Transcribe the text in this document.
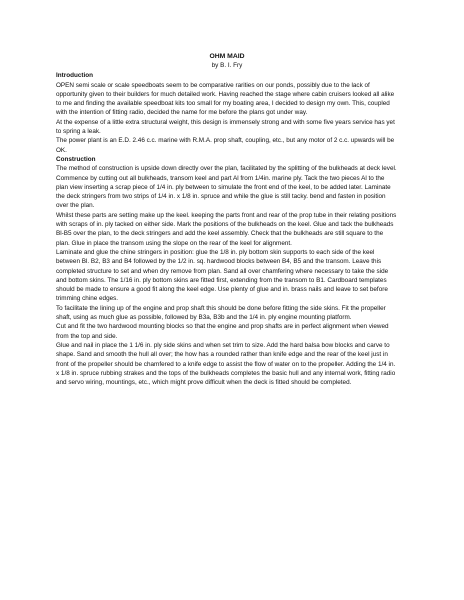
OHM MAID
by B. I. Fry
Introduction

OPEN semi scale or scale speedboats seem to be comparative rarities on our ponds, possibly due to the lack of opportunity given to their builders for much detailed work. Having reached the stage where cabin cruisers looked all alike to me and finding the available speedboat kits too small for my boating area, I decided to design my own. This, coupled with the intention of fitting radio, decided the name for me before the plans got under way.

At the expense of a little extra structural weight, this design is immensely strong and with some five years service has yet to spring a leak.

The power plant is an E.D. 2.46 c.c. marine with R.M.A. prop shaft, coupling, etc., but any motor of 2 c.c. upwards will be OK.

Construction

The method of construction is upside down directly over the plan, facilitated by the splitting of the bulkheads at deck level.

Commence by cutting out all bulkheads, transom keel and part Al from 1/4in. marine ply. Tack the two pieces Al to the plan view inserting a scrap piece of 1/4 in. ply between to simulate the front end of the keel, to be added later. Laminate the deck stringers from two strips of 1/4 in. x 1/8 in. spruce and while the glue is still tacky. bend and fasten in position over the plan.

Whilst these parts are setting make up the keel. keeping the parts front and rear of the prop tube in their relating positions with scraps of in. ply tacked on either side. Mark the positions of the bulkheads on the keel. Glue and tack the bulkheads Bl-B5 over the plan, to the deck stringers and add the keel assembly. Check that the bulkheads are still square to the plan. Glue in place the transom using the slope on the rear of the keel for alignment.

Laminate and glue the chine stringers in position: glue the 1/8 in. ply bottom skin supports to each side of the keel between Bl. B2, B3 and B4 followed by the 1/2 in. sq. hardwood blocks between B4, B5 and the transom. Leave this completed structure to set and when dry remove from plan. Sand all over chamfering where necessary to take the side and bottom skins. The 1/16 in. ply bottom skins are fitted first, extending from the transom to B1. Cardboard templates should be made to ensure a good fit along the keel edge. Use plenty of glue and in. brass nails and leave to set before trimming chine edges.

To facilitate the lining up of the engine and prop shaft this should be done before fitting the side skins. Fit the propeller shaft, using as much glue as possible, followed by B3a, B3b and the 1/4 in. ply engine mounting platform.

Cut and fit the two hardwood mounting blocks so that the engine and prop shafts are in perfect alignment when viewed from the top and side.

Glue and nail in place the 1 1/6 in. ply side skins and when set trim to size. Add the hard balsa bow blocks and carve to shape. Sand and smooth the hull all over; the how has a rounded rather than knife edge and the rear of the keel just in front of the propeller should be chamfered to a knife edge to assist the flow of water on to the propeller. Adding the 1/4 in. x 1/8 in. spruce rubbing strakes and the tops of the bulkheads completes the basic hull and any internal work, fitting radio and servo wiring, mountings, etc., which might prove difficult when the deck is fitted should be completed.
